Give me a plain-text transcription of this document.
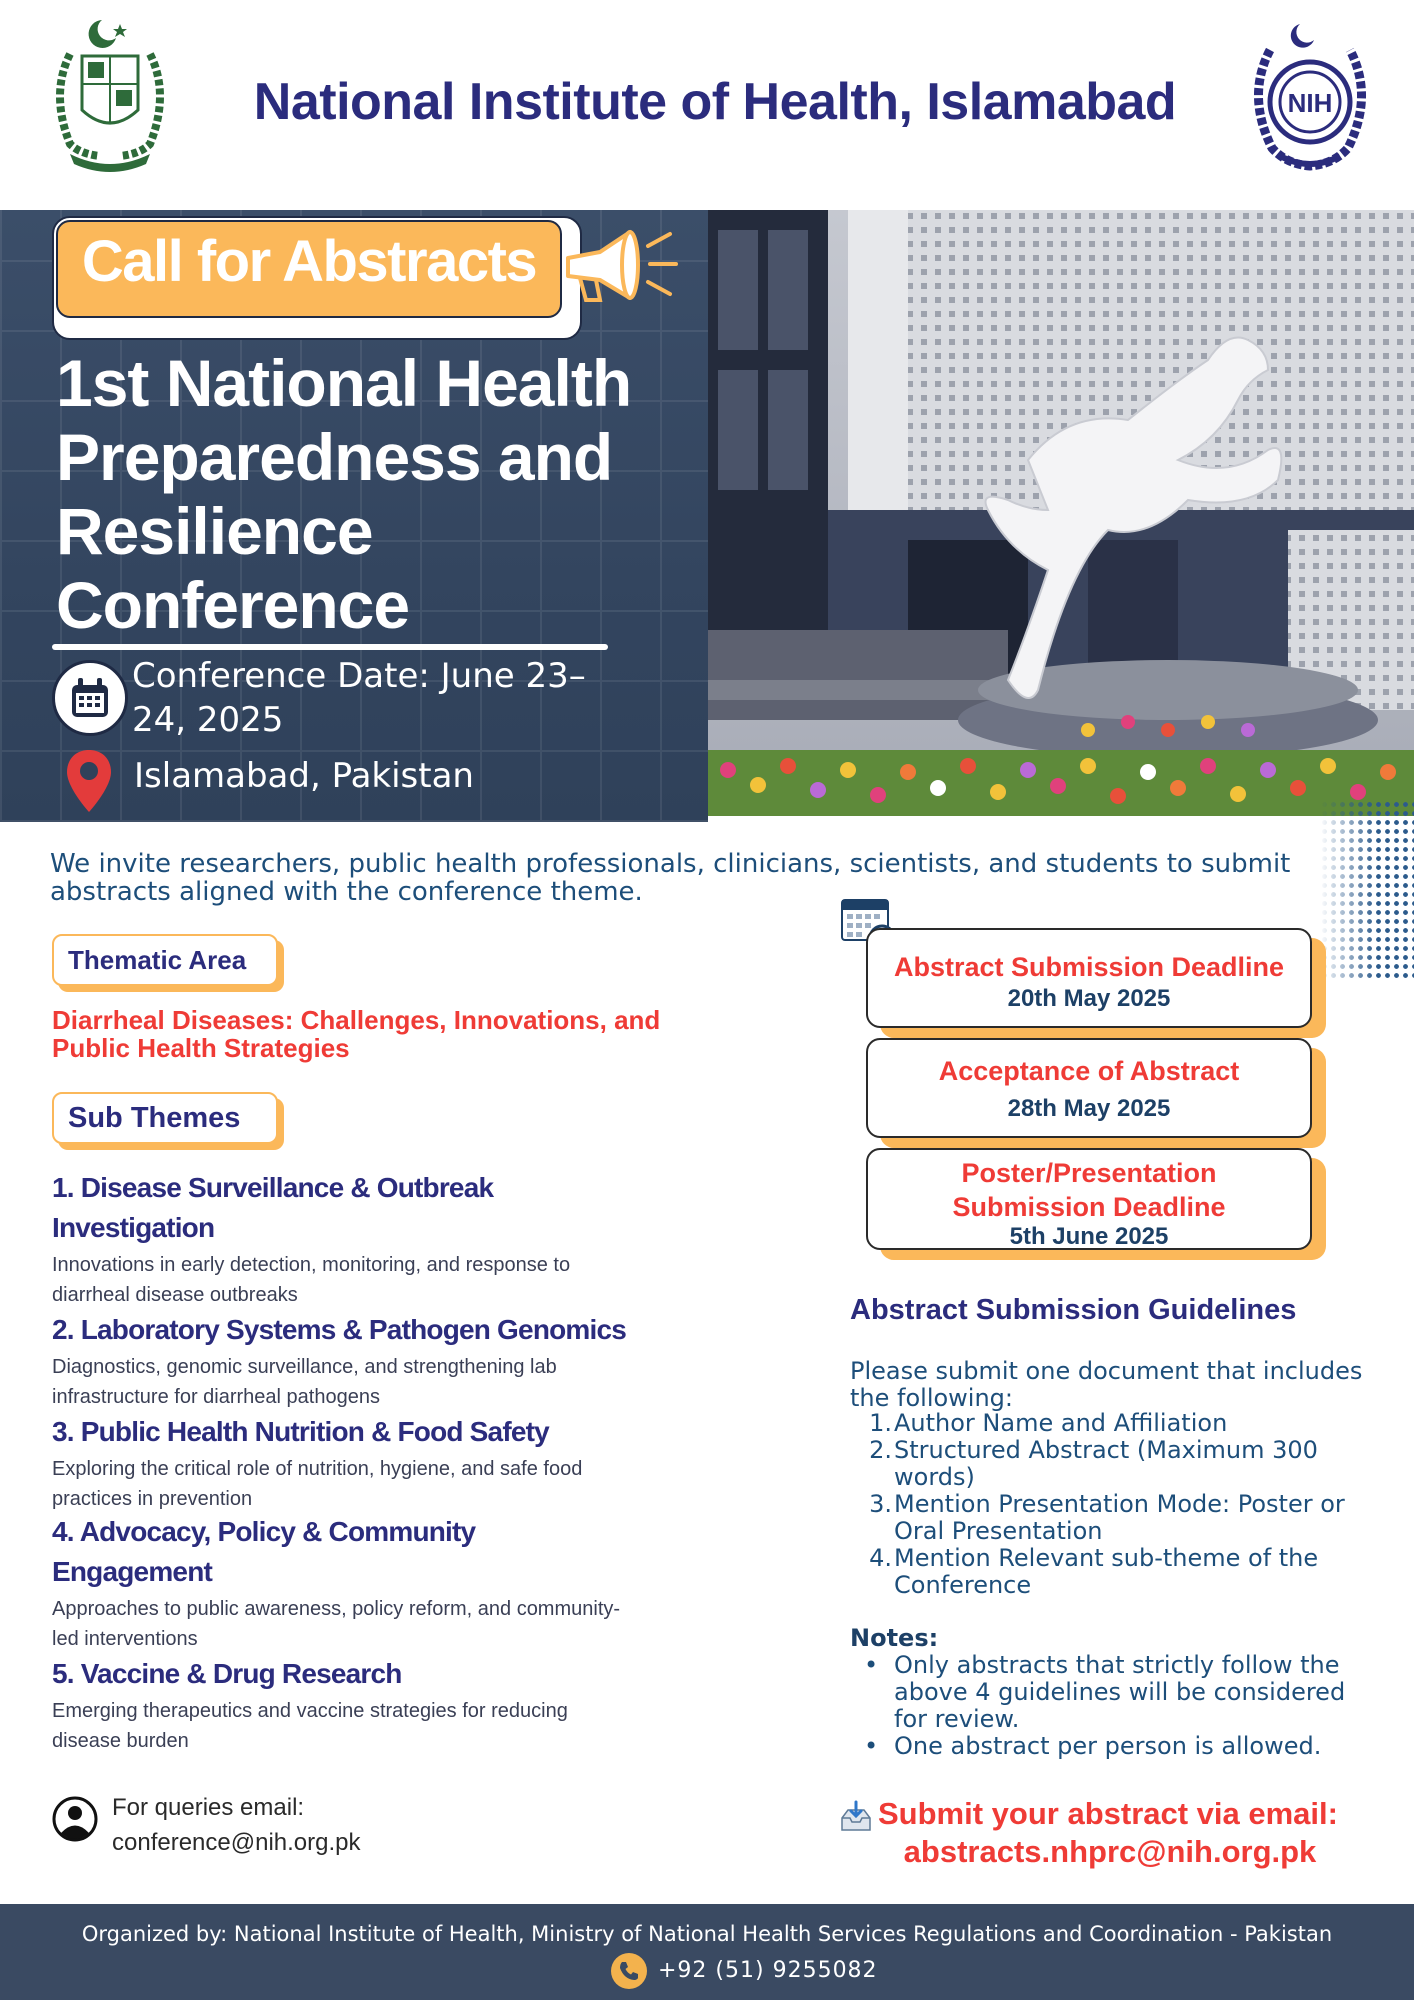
National Institute of Health, Islamabad	NIH
Call for Abstracts
1st National Health
Preparedness and
Resilience
Conference
Conference Date: June 23–
24, 2025
Islamabad, Pakistan
We invite researchers, public health professionals, clinicians, scientists, and students to submit abstracts aligned with the conference theme.
Thematic Area
Diarrheal Diseases: Challenges, Innovations, and
Public Health Strategies
Sub Themes
1. Disease Surveillance & Outbreak
Investigation
Innovations in early detection, monitoring, and response to
diarrheal disease outbreaks
2. Laboratory Systems & Pathogen Genomics
Diagnostics, genomic surveillance, and strengthening lab
infrastructure for diarrheal pathogens
3. Public Health Nutrition & Food Safety
Exploring the critical role of nutrition, hygiene, and safe food
practices in prevention
4. Advocacy, Policy & Community
Engagement
Approaches to public awareness, policy reform, and community-
led interventions
5. Vaccine & Drug Research
Emerging therapeutics and vaccine strategies for reducing
disease burden
For queries email:
conference@nih.org.pk
Abstract Submission Deadline
20th May 2025
Acceptance of Abstract
28th May 2025
Poster/Presentation
Submission Deadline
5th June 2025
Abstract Submission Guidelines
Please submit one document that includes
the following:
1. Author Name and Affiliation
2. Structured Abstract (Maximum 300
words)
3. Mention Presentation Mode: Poster or
Oral Presentation
4. Mention Relevant sub-theme of the
Conference
Notes:
• Only abstracts that strictly follow the
above 4 guidelines will be considered
for review.
• One abstract per person is allowed.
Submit your abstract via email:
abstracts.nhprc@nih.org.pk
Organized by: National Institute of Health, Ministry of National Health Services Regulations and Coordination - Pakistan
+92 (51) 9255082
